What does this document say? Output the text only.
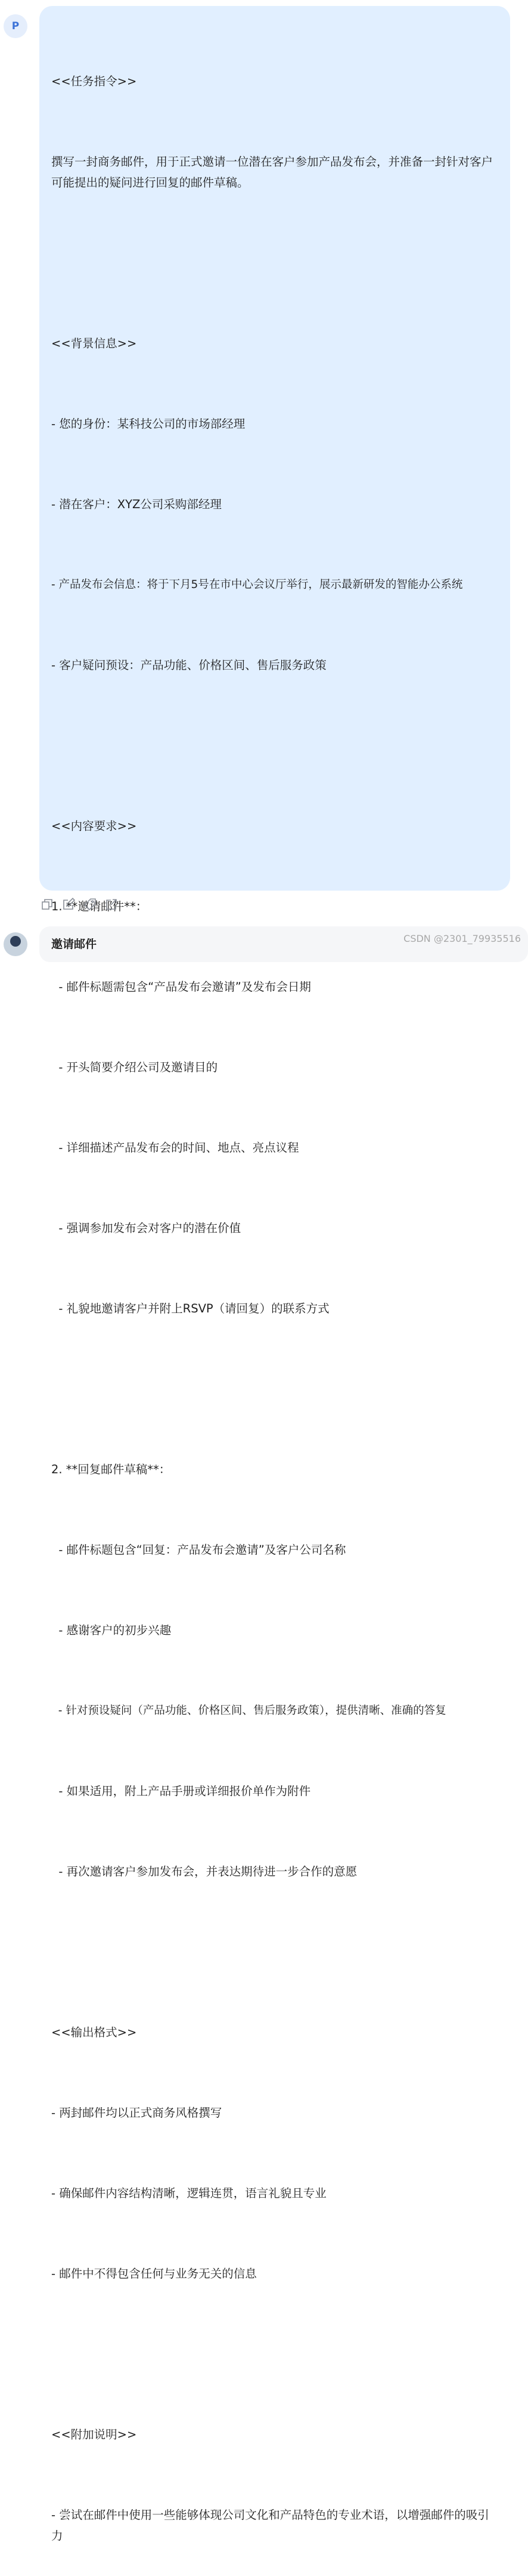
P

<<任务指令>>

撰写一封商务邮件，用于正式邀请一位潜在客户参加产品发布会，并准备一封针对客户可能提出的疑问进行回复的邮件草稿。

<<背景信息>>

- 您的身份：某科技公司的市场部经理

- 潜在客户：XYZ公司采购部经理

- 产品发布会信息：将于下月5号在市中心会议厅举行，展示最新研发的智能办公系统

- 客户疑问预设：产品功能、价格区间、售后服务政策

<<内容要求>>

1. **邀请邮件**：

- 邮件标题需包含“产品发布会邀请”及发布会日期

- 开头简要介绍公司及邀请目的

- 详细描述产品发布会的时间、地点、亮点议程

- 强调参加发布会对客户的潜在价值

- 礼貌地邀请客户并附上RSVP（请回复）的联系方式

2. **回复邮件草稿**：

- 邮件标题包含“回复：产品发布会邀请”及客户公司名称

- 感谢客户的初步兴趣

- 针对预设疑问（产品功能、价格区间、售后服务政策），提供清晰、准确的答复

- 如果适用，附上产品手册或详细报价单作为附件

- 再次邀请客户参加发布会，并表达期待进一步合作的意愿

<<输出格式>>

- 两封邮件均以正式商务风格撰写

- 确保邮件内容结构清晰，逻辑连贯，语言礼貌且专业

- 邮件中不得包含任何与业务无关的信息

<<附加说明>>

- 尝试在邮件中使用一些能够体现公司文化和产品特色的专业术语，以增强邮件的吸引力

邀请邮件	CSDN @2301_79935516
